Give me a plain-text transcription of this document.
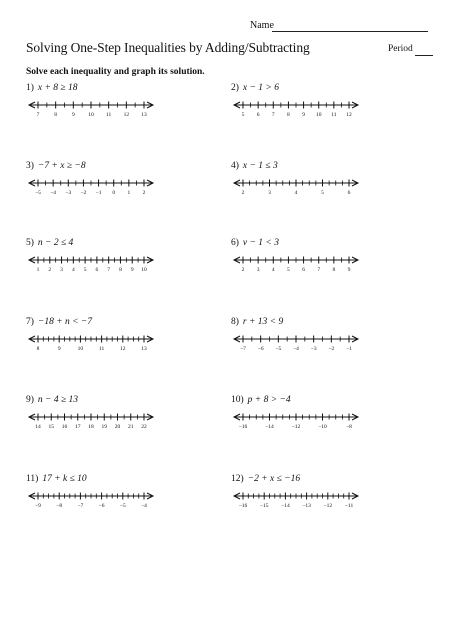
Name
Solving One-Step Inequalities by Adding/Subtracting	Period
Solve each inequality and graph its solution.
1) x + 8 ≥ 18
7	8	9 10 11 12 13
2) x − 1 > 6
5 6 7 8 9 10 11 12
3) −7 + x ≥ −8
−5 −4 −3 −2 −1 0 1 2
4) x − 1 ≤ 3
2	3	4	5	6
5) n − 2 ≤ 4
1 2 3 4 5 6 7 8 9 10
6) v − 1 < 3
2 3 4 5 6 7 8 9
7) −18 + n < −7
8	9	10	11	12	13
8) r + 13 < 9
−7 −6 −5 −4 −3 −2 −1
9) n − 4 ≥ 13
14 15 16 17 18 19 20 21 22
10) p + 8 > −4
−16	−14	−12	−10	−8
11) 17 + k ≤ 10
−9	−8	−7	−6	−5	−4
12) −2 + x ≤ −16
−16 −15 −14 −13 −12 −11
